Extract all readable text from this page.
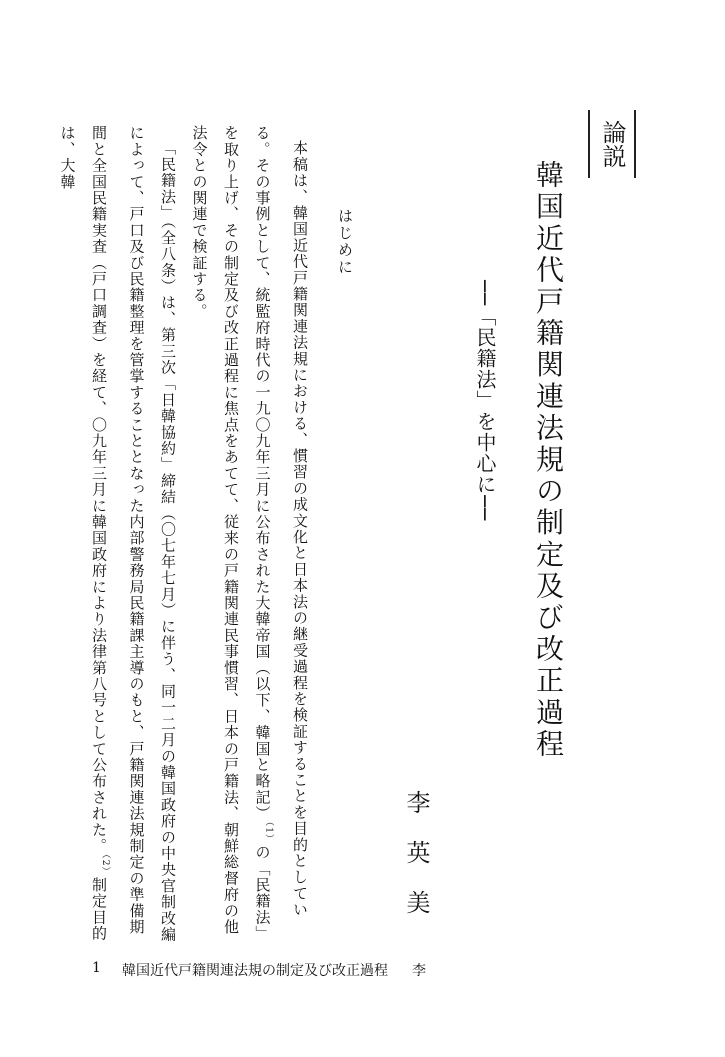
論説
韓国近代戸籍関連法規の制定及び改正過程
──「民籍法」を中心に──
李英美
はじめに

本稿は、韓国近代戸籍関連法規における、慣習の成文化と日本法の継受過程を検証することを目的としている。その事例として、統監府時代の一九〇九年三月に公布された大韓帝国（以下、韓国と略記）$^{(1)}$の「民籍法」を取り上げ、その制定及び改正過程に焦点をあてて、従来の戸籍関連民事慣習、日本の戸籍法、朝鮮総督府の他法令との関連で検証する。

「民籍法」（全八条）は、第三次「日韓協約」締結（〇七年七月）に伴う、同一二月の韓国政府の中央官制改編によって、戸口及び民籍整理を管掌することとなった内部警務局民籍課主導のもと、戸籍関連法規制定の準備期間と全国民籍実査（戸口調査）を経て、〇九年三月に韓国政府により法律第八号として公布された。$^{(2)}$制定目的は、大韓

1 韓国近代戸籍関連法規の制定及び改正過程 李
